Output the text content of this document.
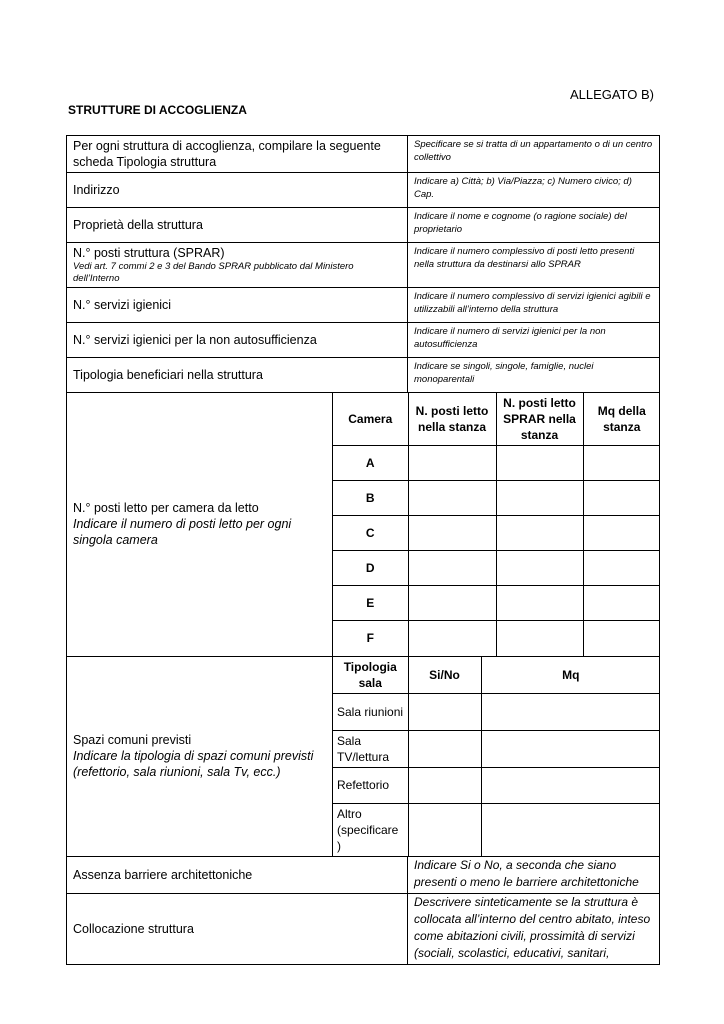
ALLEGATO B)
STRUTTURE DI ACCOGLIENZA
Per ogni struttura di accoglienza, compilare la seguente scheda Tipologia struttura	Specificare se si tratta di un appartamento o di un centro collettivo
Indirizzo	Indicare a) Città; b) Via/Piazza; c) Numero civico; d) Cap.
Proprietà della struttura	Indicare il nome e cognome (o ragione sociale) del proprietario
N.° posti struttura (SPRAR)
Vedi art. 7 commi 2 e 3 del Bando SPRAR pubblicato dal Ministero dell’Interno
	Indicare il numero complessivo di posti letto presenti nella struttura da destinarsi allo SPRAR
N.° servizi igienici	Indicare il numero complessivo di servizi igienici agibili e utilizzabili all’interno della struttura
N.° servizi igienici per la non autosufficienza	Indicare il numero di servizi igienici per la non autosufficienza
Tipologia beneficiari nella struttura	Indicare se singoli, singole, famiglie, nuclei monoparentali
N.° posti letto per camera da letto
Indicare il numero di posti letto per ogni singola camera

Camera	N. posti letto nella stanza	N. posti letto SPRAR nella stanza	Mq della stanza
A			
B			
C			
D			
E			
F			

Spazi comuni previsti
Indicare la tipologia di spazi comuni previsti (refettorio, sala riunioni, sala Tv, ecc.)

Tipologia sala	Si/No	Mq
Sala riunioni		
Sala TV/lettura		
Refettorio		
Altro (specificare )		

Assenza barriere architettoniche	Indicare Si o No, a seconda che siano presenti o meno le barriere architettoniche
Collocazione struttura	Descrivere sinteticamente se la struttura è collocata all’interno del centro abitato, inteso come abitazioni civili, prossimità di servizi (sociali, scolastici, educativi, sanitari,
